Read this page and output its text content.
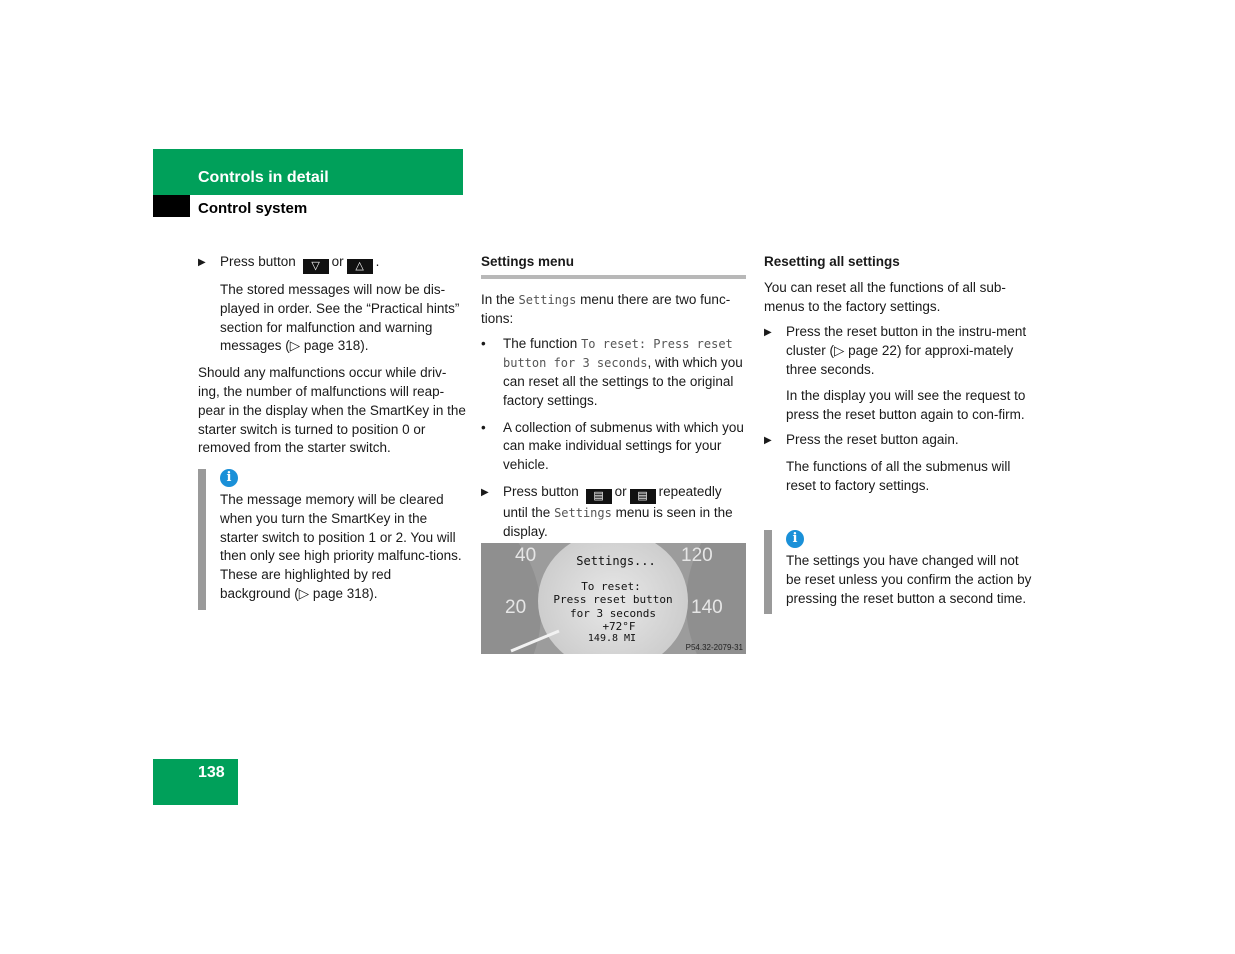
Controls in detail
Control system
▶ Press button ▽ or △ .

The stored messages will now be dis-played in order. See the “Practical hints” section for malfunction and warning messages (▷ page 318).

Should any malfunctions occur while driv-ing, the number of malfunctions will reap-pear in the display when the SmartKey in the starter switch is turned to position 0 or removed from the starter switch.

i

The message memory will be cleared when you turn the SmartKey in the starter switch to position 1 or 2. You will then only see high priority malfunc-tions. These are highlighted by red background (▷ page 318).

Settings menu

In the Settings menu there are two func-tions:

• The function To reset: Press reset button for 3 seconds, with which you can reset all the settings to the original factory settings.
• A collection of submenus with which you can make individual settings for your vehicle.
▶ Press button ▤ or ▤ repeatedly until the Settings menu is seen in the display.
40
20
120
140
Settings...
To reset:
Press reset button
for 3 seconds
+72°F
149.8 MI
P54.32-2079-31
Resetting all settings

You can reset all the functions of all sub-menus to the factory settings.

▶ Press the reset button in the instru-ment cluster (▷ page 22) for approxi-mately three seconds.

In the display you will see the request to press the reset button again to con-firm.

▶ Press the reset button again.

The functions of all the submenus will reset to factory settings.

i

The settings you have changed will not be reset unless you confirm the action by pressing the reset button a second time.

138
